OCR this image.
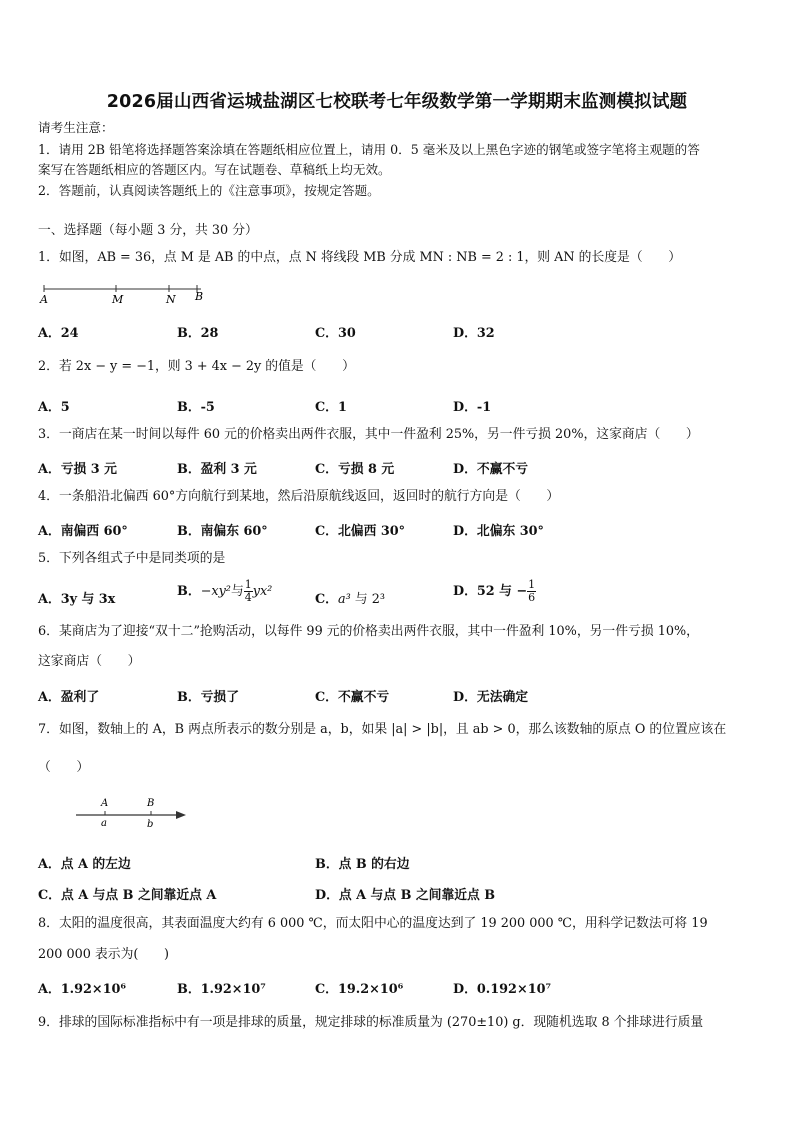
2026届山西省运城盐湖区七校联考七年级数学第一学期期末监测模拟试题
请考生注意：
1．请用 2B 铅笔将选择题答案涂填在答题纸相应位置上，请用 0．5 毫米及以上黑色字迹的钢笔或签字笔将主观题的答
案写在答题纸相应的答题区内。写在试题卷、草稿纸上均无效。
2．答题前，认真阅读答题纸上的《注意事项》，按规定答题。
一、选择题（每小题 3 分，共 30 分）
1．如图，AB = 36，点 M 是 AB 的中点，点 N 将线段 MB 分成 MN : NB = 2 : 1，则 AN 的长度是（　　）
A	M	N B
A．24	B．28	C．30	D．32
2．若 2x − y = −1，则 3 + 4x − 2y 的值是（　　）
A．5	B．-5	C．1	D．-1
3．一商店在某一时间以每件 60 元的价格卖出两件衣服，其中一件盈利 25%，另一件亏损 20%，这家商店（　　）
A．亏损 3 元	B．盈利 3 元	C．亏损 8 元	D．不赢不亏
4．一条船沿北偏西 60°方向航行到某地，然后沿原航线返回，返回时的航行方向是（　　）
A．南偏西 60°	B．南偏东 60°	C．北偏西 30°	D．北偏东 30°
5．下列各组式子中是同类项的是
A．3y 与 3x
B．−xy²与 $\frac{1}{4} yx^2$
C．a³ 与 2³
D．52 与 − $\frac{1}{6}$
6．某商店为了迎接“双十二”抢购活动，以每件 99 元的价格卖出两件衣服，其中一件盈利 10%，另一件亏损 10%，
这家商店（　　）
A．盈利了	B．亏损了	C．不赢不亏	D．无法确定
7．如图，数轴上的 A，B 两点所表示的数分别是 a，b，如果 |a| > |b|，且 ab > 0，那么该数轴的原点 O 的位置应该在
（　　）
A	B
a	b
A．点 A 的左边	B．点 B 的右边
C．点 A 与点 B 之间靠近点 A	D．点 A 与点 B 之间靠近点 B
8．太阳的温度很高，其表面温度大约有 6 000 ℃，而太阳中心的温度达到了 19 200 000 ℃，用科学记数法可将 19
200 000 表示为(　　)
A．1.92×10⁶	B．1.92×10⁷	C．19.2×10⁶	D．0.192×10⁷
9．排球的国际标准指标中有一项是排球的质量，规定排球的标准质量为 (270±10) g．现随机选取 8 个排球进行质量
